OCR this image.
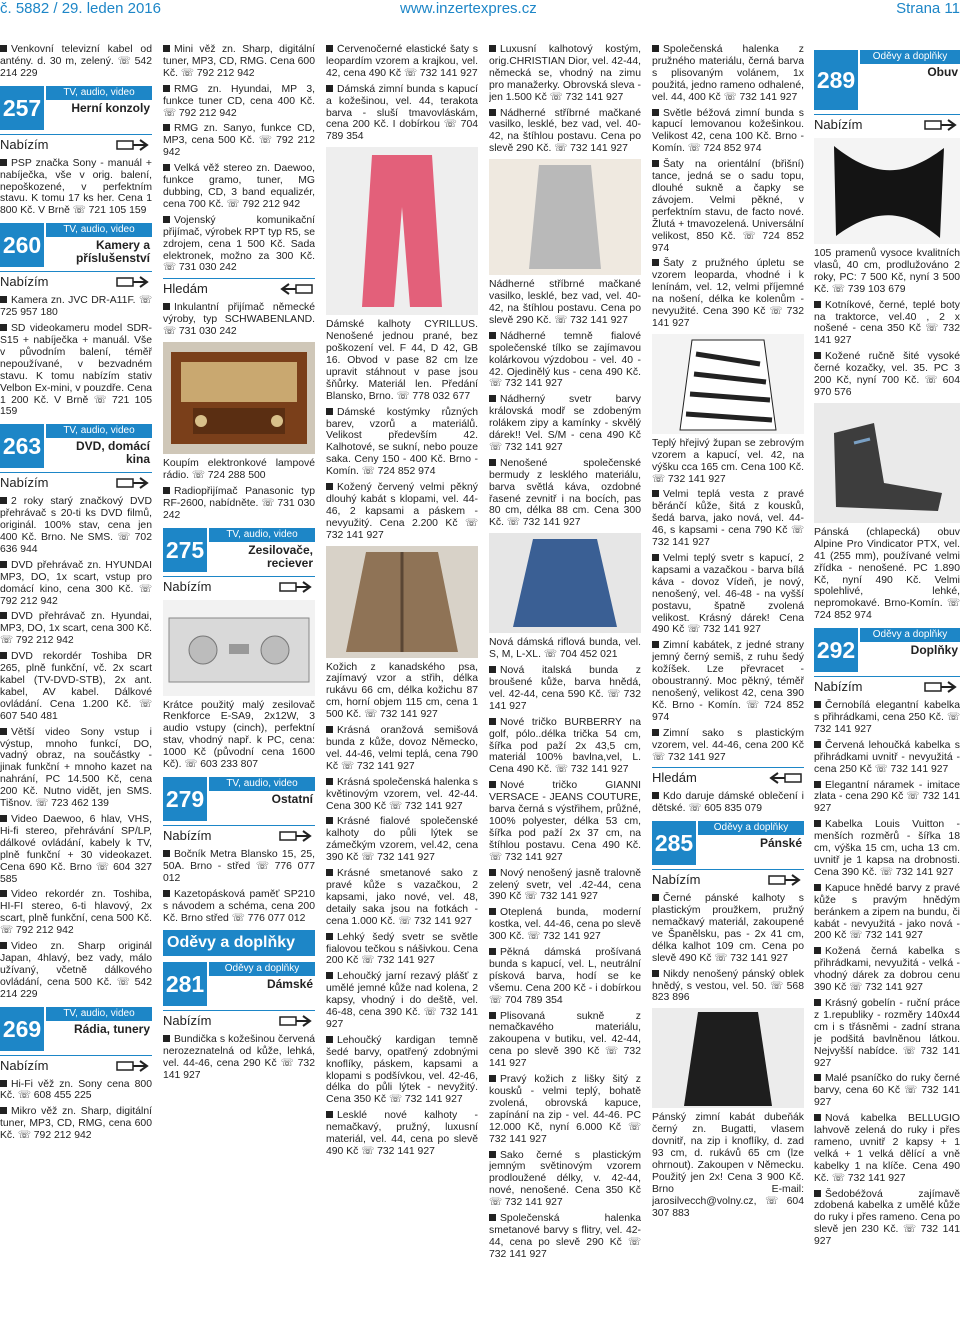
č. 5882 / 29. leden 2016	www.inzertexpres.cz	Strana 11
Venkovní televizní kabel od antény. d. 30 m, zelený. ☏ 542 214 229
257
TV, audio, video
Herní konzoly
Nabízím
PSP značka Sony - manuál + nabíječka, vše v orig. balení, nepoškozené, v perfektním stavu. K tomu 17 ks her. Cena 1 800 Kč. V Brně ☏ 721 105 159
260
TV, audio, video
Kamery a příslušenství
Nabízím
Kamera zn. JVC DR-A11F. ☏ 725 957 180
SD videokameru model SDR-S15 + nabíječka + manuál. Vše v původním balení, téměř nepoužívané, v bezvadném stavu. K tomu nabízím stativ Velbon Ex-mini, v pouzdře. Cena 1 200 Kč. V Brně ☏ 721 105 159
263
TV, audio, video
DVD, domácí kina
Nabízím
2 roky starý značkový DVD přehrávač s 20-ti ks DVD filmů, originál. 100% stav, cena jen 400 Kč. Brno. Ne SMS. ☏ 702 636 944
DVD přehrávač zn. HYUNDAI MP3, DO, 1x scart, vstup pro domácí kino, cena 300 Kč. ☏ 792 212 942
DVD přehrávač zn. Hyundai, MP3, DO, 1x scart, cena 300 Kč. ☏ 792 212 942
DVD rekordér Toshiba DR 265, plně funkční, vč. 2x scart kabel (TV-DVD-STB), 2x ant. kabel, AV kabel. Dálkové ovládání. Cena 1.200 Kč. ☏ 607 540 481
Větší video Sony vstup i výstup, mnoho funkcí, DO, vadný obraz, na součástky - jinak funkční + mnoho kazet na nahrání, PC 14.500 Kč, cena 200 Kč. Nutno vidět, jen SMS. Tišnov. ☏ 723 462 139
Video Daewoo, 6 hlav, VHS, Hi-fi stereo, přehrávání SP/LP, dálkové ovládání, kabely k TV, plně funkční + 30 videokazet. Cena 690 Kč. Brno ☏ 604 327 585
Video rekordér zn. Toshiba, HI-FI stereo, 6-ti hlavový, 2x scart, plně funkční, cena 500 Kč. ☏ 792 212 942
Video zn. Sharp originál Japan, 4hlavý, bez vady, málo užívaný, včetně dálkového ovládání, cena 500 Kč. ☏ 542 214 229
269
TV, audio, video
Rádia, tunery
Nabízím
Hi-Fi věž zn. Sony cena 800 Kč. ☏ 608 455 225
Mikro věž zn. Sharp, digitální tuner, MP3, CD, RMG, cena 600 Kč. ☏ 792 212 942
Mini věž zn. Sharp, digitální tuner, MP3, CD, RMG. Cena 600 Kč. ☏ 792 212 942
RMG zn. Hyundai, MP 3, funkce tuner CD, cena 400 Kč. ☏ 792 212 942
RMG zn. Sanyo, funkce CD, MP3, cena 500 Kč. ☏ 792 212 942
Velká věž stereo zn. Daewoo, funkce gramo, tuner, MG dubbing, CD, 3 band equalizér, cena 700 Kč. ☏ 792 212 942
Vojenský komunikační přijímač, výrobek RPT typ R5, se zdrojem, cena 1 500 Kč. Sada elektronek, možno za 300 Kč. ☏ 731 030 242
Hledám
Inkulantní přijímač německé výroby, typ SCHWABENLAND. ☏ 731 030 242
Koupím elektronkové lampové rádio. ☏ 724 288 500
Radiopřijímač Panasonic typ RF-2600, nabídněte. ☏ 731 030 242
275
TV, audio, video
Zesilovače, reciever
Nabízím
Krátce použitý malý zesilovač Renkforce E-SA9, 2x12W, 3 audio vstupy (cinch), perfektní stav, vhodný např. k PC, cena: 1000 Kč (původní cena 1600 Kč). ☏ 603 233 807
279
TV, audio, video
Ostatní
Nabízím
Bočník Metra Blansko 15, 25, 50A. Brno - střed ☏ 776 077 012
Kazetopásková paměť SP210 s návodem a schéma, cena 200 Kč. Brno střed ☏ 776 077 012
Oděvy a doplňky
281
Oděvy a doplňky
Dámské
Nabízím
Bundička s kožešinou červená nerozeznatelná od kůže, lehká, vel. 44-46, cena 290 Kč ☏ 732 141 927
Červenočerné elastické šaty s leopardím vzorem a krajkou, vel. 42, cena 490 Kč ☏ 732 141 927
Dámská zimní bunda s kapucí a kožešinou, vel. 44, terakota barva - sluší tmavovláskám, cena 200 Kč. I dobírkou ☏ 704 789 354
Dámské kalhoty CYRILLUS. Nenošené jednou prané, bez poškození vel. F 44, D 42, GB 16. Obvod v pase 82 cm lze upravit stáhnout v pase jsou šňůrky. Materiál len. Předání Blansko, Brno. ☏ 778 032 677
Dámské kostýmky různých barev, vzorů a materiálů. Velikost především 42. Kalhotové, se sukní, nebo pouze saka. Ceny 150 - 400 Kč. Brno - Komín. ☏ 724 852 974
Kožený červený velmi pěkný dlouhý kabát s klopami, vel. 44-46, 2 kapsami a páskem - nevyužitý. Cena 2.200 Kč ☏ 732 141 927
Kožich z kanadského psa, zajímavý vzor a střih, délka rukávu 66 cm, délka kožichu 87 cm, horní objem 115 cm, cena 1 500 Kč. ☏ 732 141 927
Krásná oranžová semišová bunda z kůže, dovoz Německo, vel. 44-46, velmi teplá, cena 790 Kč ☏ 732 141 927
Krásná společenská halenka s květinovým vzorem, vel. 42-44. Cena 300 Kč ☏ 732 141 927
Krásné fialové společenské kalhoty do půli lýtek se zámečkým vzorem, vel.42, cena 390 Kč ☏ 732 141 927
Krásné smetanové sako z pravé kůže s vazačkou, 2 kapsami, jako nové, vel. 48, detaily saka jsou na fotkách - cena 1.000 Kč. ☏ 732 141 927
Lehký šedý svetr se světle fialovou tečkou s nášivkou. Cena 200 Kč ☏ 732 141 927
Lehoučký jarní rezavý plášť z umělé jemné kůže nad kolena, 2 kapsy, vhodný i do deště, vel. 46-48, cena 390 Kč. ☏ 732 141 927
Lehoučký kardigan temně šedé barvy, opatřený zdobnými knoflíky, páskem, kapsami a klopami s podšívkou, vel. 42-46, délka do půli lýtek - nevyžitý. Cena 350 Kč ☏ 732 141 927
Lesklé nové kalhoty - nemačkavý, pružný, luxusní materiál, vel. 44, cena po slevě 490 Kč ☏ 732 141 927
Luxusní kalhotový kostým, orig.CHRISTIAN Dior, vel. 42-44, německá se, vhodný na zimu pro manažerky. Obrovská sleva - jen 1.500 Kč ☏ 732 141 927
Nádherné stříbrné mačkané vasilko, lesklé, bez vad, vel. 40-42, na štíhlou postavu. Cena po slevě 290 Kč. ☏ 732 141 927
Nádherné stříbrné mačkané vasilko, lesklé, bez vad, vel. 40-42, na štíhlou postavu. Cena po slevě 290 Kč. ☏ 732 141 927
Nádherné temně fialové společenské tílko se zajímavou kolárkovou výzdobou - vel. 40 - 42. Ojedinělý kus - cena 490 Kč. ☏ 732 141 927
Nádherný svetr barvy královská modř se zdobeným rolákem zipy a kamínky - skvělý dárek!! Vel. S/M - cena 490 Kč ☏ 732 141 927
Nenošené společenské bermudy z lesklého materiálu, barva světlá káva, ozdobné řasené zevnitř i na bocích, pas 80 cm, délka 88 cm. Cena 300 Kč. ☏ 732 141 927
Nová dámská riflová bunda, vel. S, M, L-XL. ☏ 704 452 021
Nová italská bunda z broušené kůže, barva hnědá, vel. 42-44, cena 590 Kč. ☏ 732 141 927
Nové tričko BURBERRY na golf, pólo..délka trička 54 cm, šířka pod paží 2x 43,5 cm, materiál 100% bavlna,vel, L. Cena 490 Kč. ☏ 732 141 927
Nové tričko GIANNI VERSACE - JEANS COUTURE, barva černá s výstřihem, průžné, 100% polyester, délka 53 cm, šířka pod paží 2x 37 cm, na štíhlou postavu. Cena 490 Kč. ☏ 732 141 927
Nový nenošený jasně tralovně zelený svetr, vel .42-44, cena 390 Kč ☏ 732 141 927
Oteplená bunda, moderní kostka, vel. 44-46, cena po slevě 300 Kč. ☏ 732 141 927
Pěkná dámská prošívaná bunda s kapucí, vel. L, neutrální písková barva, hodí se ke všemu. Cena 200 Kč - i dobírkou ☏ 704 789 354
Plisovaná sukně z nemačkavého materiálu, zakoupena v butiku, vel. 42-44, cena po slevě 390 Kč ☏ 732 141 927
Pravý kožich z lišky šitý z kousků - velmi teplý, bohatě zvolená, obrovská kapuce, zapínání na zip - vel. 44-46. PC 12.000 Kč, nyní 6.000 Kč ☏ 732 141 927
Sako černé s plastickým jemným světinovým vzorem prodloužené délky, v. 42-44, nové, nenošené. Cena 350 Kč ☏ 732 141 927
Společenská halenka smetanové barvy s flitry, vel. 42-44, cena po slevě 290 Kč ☏ 732 141 927
Společenská halenka z pružného materiálu, černá barva s plisovaným volánem, 1x použitá, jedno rameno odhalené, vel. 44, 400 Kč ☏ 732 141 927
Světle béžová zimní bunda s kapucí lemovanou kožešinkou. Velikost 42, cena 100 Kč. Brno - Komín. ☏ 724 852 974
Šaty na orientální (břišní) tance, jedná se o sadu topu, dlouhé sukně a čapky se závojem. Velmi pěkné, v perfektním stavu, de facto nové. Žlutá + tmavozelená. Universální velikost, 850 Kč. ☏ 724 852 974
Šaty z pružného úpletu se vzorem leoparda, vhodné i k lenínám, vel. 12, velmi příjemné na nošení, délka ke kolenům - nevyužité. Cena 390 Kč ☏ 732 141 927
Teplý hřejivý župan se zebrovým vzorem a kapucí, vel. 42, na výšku cca 165 cm. Cena 100 Kč. ☏ 732 141 927
Velmi teplá vesta z pravé běránčí kůže, šitá z kousků, šedá barva, jako nová, vel. 44-46, s kapsami - cena 790 Kč ☏ 732 141 927
Velmi teplý svetr s kapucí, 2 kapsami a vazačkou - barva bílá káva - dovoz Vídeň, je nový, nenošený, vel. 46-48 - na vyšší postavu, špatně zvolená velikost. Krásný dárek! Cena 490 Kč ☏ 732 141 927
Zimní kabátek, z jedné strany jemný černý semiš, z ruhu šedý kožíšek. Lze převracet - oboustranný. Moc pěkný, téměř nenošený, velikost 42, cena 390 Kč. Brno - Komín. ☏ 724 852 974
Zimní sako s plastickým vzorem, vel. 44-46, cena 200 Kč ☏ 732 141 927
Hledám
Kdo daruje dámské oblečení i dětské. ☏ 605 835 079
285
Oděvy a doplňky
Pánské
Nabízím
Černé pánské kalhoty s plastickým proužkem, pružný nemačkavý materiál, zakoupené ve Španělsku, pas - 2x 41 cm, délka kalhot 109 cm. Cena po slevě 490 Kč ☏ 732 141 927
Nikdy nenošený pánský oblek hnědý, s vestou, vel. 50. ☏ 568 823 896
Pánský zimní kabát dubeňák černý zn. Bugatti, vlasem dovnitř, na zip i knoflíky, d. zad 93 cm, d. rukávů 65 cm (lze ohrnout). Zakoupen v Německu. Použitý jen 2x! Cena 3 900 Kč. Brno E-mail: jarosilvecch@volny.cz, ☏ 604 307 883
289
Oděvy a doplňky
Obuv
Nabízím
105 pramenů vysoce kvalitních vlasů, 40 cm, prodlužováno 2 roky, PC: 7 500 Kč, nyní 3 500 Kč. ☏ 739 103 679
Kotníkové, černé, teplé boty na traktorce, vel.40 , 2 x nošené - cena 350 Kč ☏ 732 141 927
Kožené ručně šité vysoké černé kozačky, vel. 35. PC 3 200 Kč, nyní 700 Kč. ☏ 604 970 576
Pánská (chlapecká) obuv Alpine Pro Vindicator PTX, vel. 41 (255 mm), používané velmi zřídka - nenošené. PC 1.890 Kč, nyní 490 Kč. Velmi spolehlivé, lehké, nepromokavé. Brno-Komín. ☏ 724 852 974
292
Oděvy a doplňky
Doplňky
Nabízím
Černobílá elegantní kabelka s přihrádkami, cena 250 Kč. ☏ 732 141 927
Červená lehoučká kabelka s přihrádkami uvnitř - nevyužitá - cena 250 Kč ☏ 732 141 927
Elegantní náramek - imitace zlata - cena 290 Kč ☏ 732 141 927
Kabelka Louis Vuitton - menších rozměrů - šířka 18 cm, výška 15 cm, ucha 13 cm. uvnitř je 1 kapsa na drobnosti. Cena 390 Kč. ☏ 732 141 927
Kapuce hnědé barvy z pravé kůže s pravým hnědým beránkem a zipem na bundu, či kabát - nevyužitá - jako nová - 200 Kč ☏ 732 141 927
Kožená černá kabelka s přihrádkami, nevyužitá - velká - vhodný dárek za dobrou cenu 390 Kč ☏ 732 141 927
Krásný gobelín - ruční práce z 1.republiky - rozměry 140x44 cm i s třásněmi - zadní strana je podšitá bavlněnou látkou. Nejvyšší nabídce. ☏ 732 141 927
Malé psaníčko do ruky černé barvy, cena 60 Kč ☏ 732 141 927
Nová kabelka BELLUGIO lahvově zelená do ruky i přes rameno, uvnitř 2 kapsy + 1 velká + 1 velká dělící a vně kabelky 1 na klíče. Cena 490 Kč. ☏ 732 141 927
Šedobéžová zajímavě zdobená kabelka z umělé kůže do ruky i přes rameno. Cena po slevě jen 230 Kč. ☏ 732 141 927
